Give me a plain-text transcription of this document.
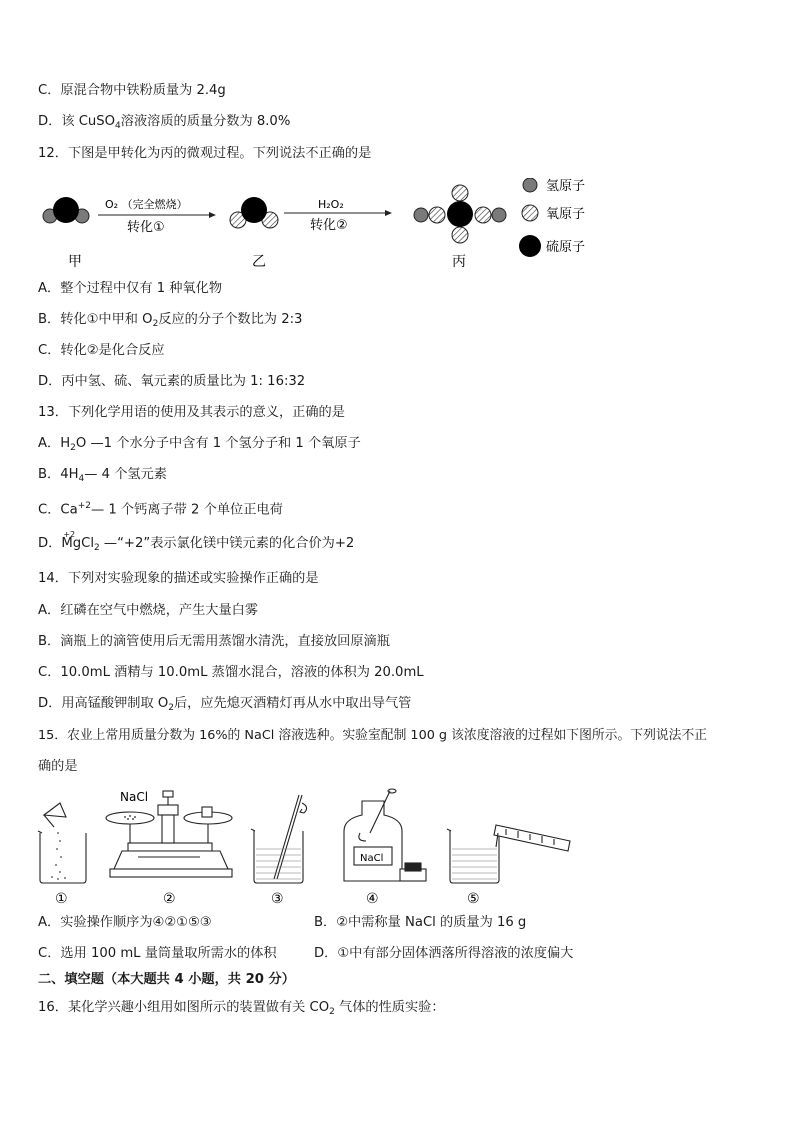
C．原混合物中铁粉质量为 2.4g
D．该 CuSO$_4$溶液溶质的质量分数为 8.0%
12．下图是甲转化为丙的微观过程。下列说法不正确的是
甲
O₂ （完全燃烧）
转化①
乙
H₂O₂
转化②
丙
氢原子
氧原子
硫原子
A．整个过程中仅有 1 种氧化物
B．转化①中甲和 $O_2$反应的分子个数比为 2:3
C．转化②是化合反应
D．丙中氢、硫、氧元素的质量比为 1: 16:32
13．下列化学用语的使用及其表示的意义，正确的是
A．$H_2O$ —1 个水分子中含有 1 个氢分子和 1 个氧原子
B．$4H_4—$ 4 个氢元素
C．$Ca^{+2}—$ 1 个钙离子带 2 个单位正电荷
D．
+2
MgCl$_2$ —“+2”表示氯化镁中镁元素的化合价为+2
14．下列对实验现象的描述或实验操作正确的是
A．红磷在空气中燃烧，产生大量白雾
B．滴瓶上的滴管使用后无需用蒸馏水清洗，直接放回原滴瓶
C．10.0mL 酒精与 10.0mL 蒸馏水混合，溶液的体积为 20.0mL
D．用高锰酸钾制取 $O_2$后，应先熄灭酒精灯再从水中取出导气管
15．农业上常用质量分数为 16%的 NaCl 溶液选种。实验室配制 100 g 该浓度溶液的过程如下图所示。下列说法不正
确的是
①
NaCl
②	③
NaCl
④	⑤
A．实验操作顺序为④②①⑤③	B．②中需称量 NaCl 的质量为 16 g
C．选用 100 mL 量筒量取所需水的体积	D．①中有部分固体洒落所得溶液的浓度偏大
二、填空题（本大题共 4 小题，共 20 分）
16．某化学兴趣小组用如图所示的装置做有关 $CO_2$ 气体的性质实验：
